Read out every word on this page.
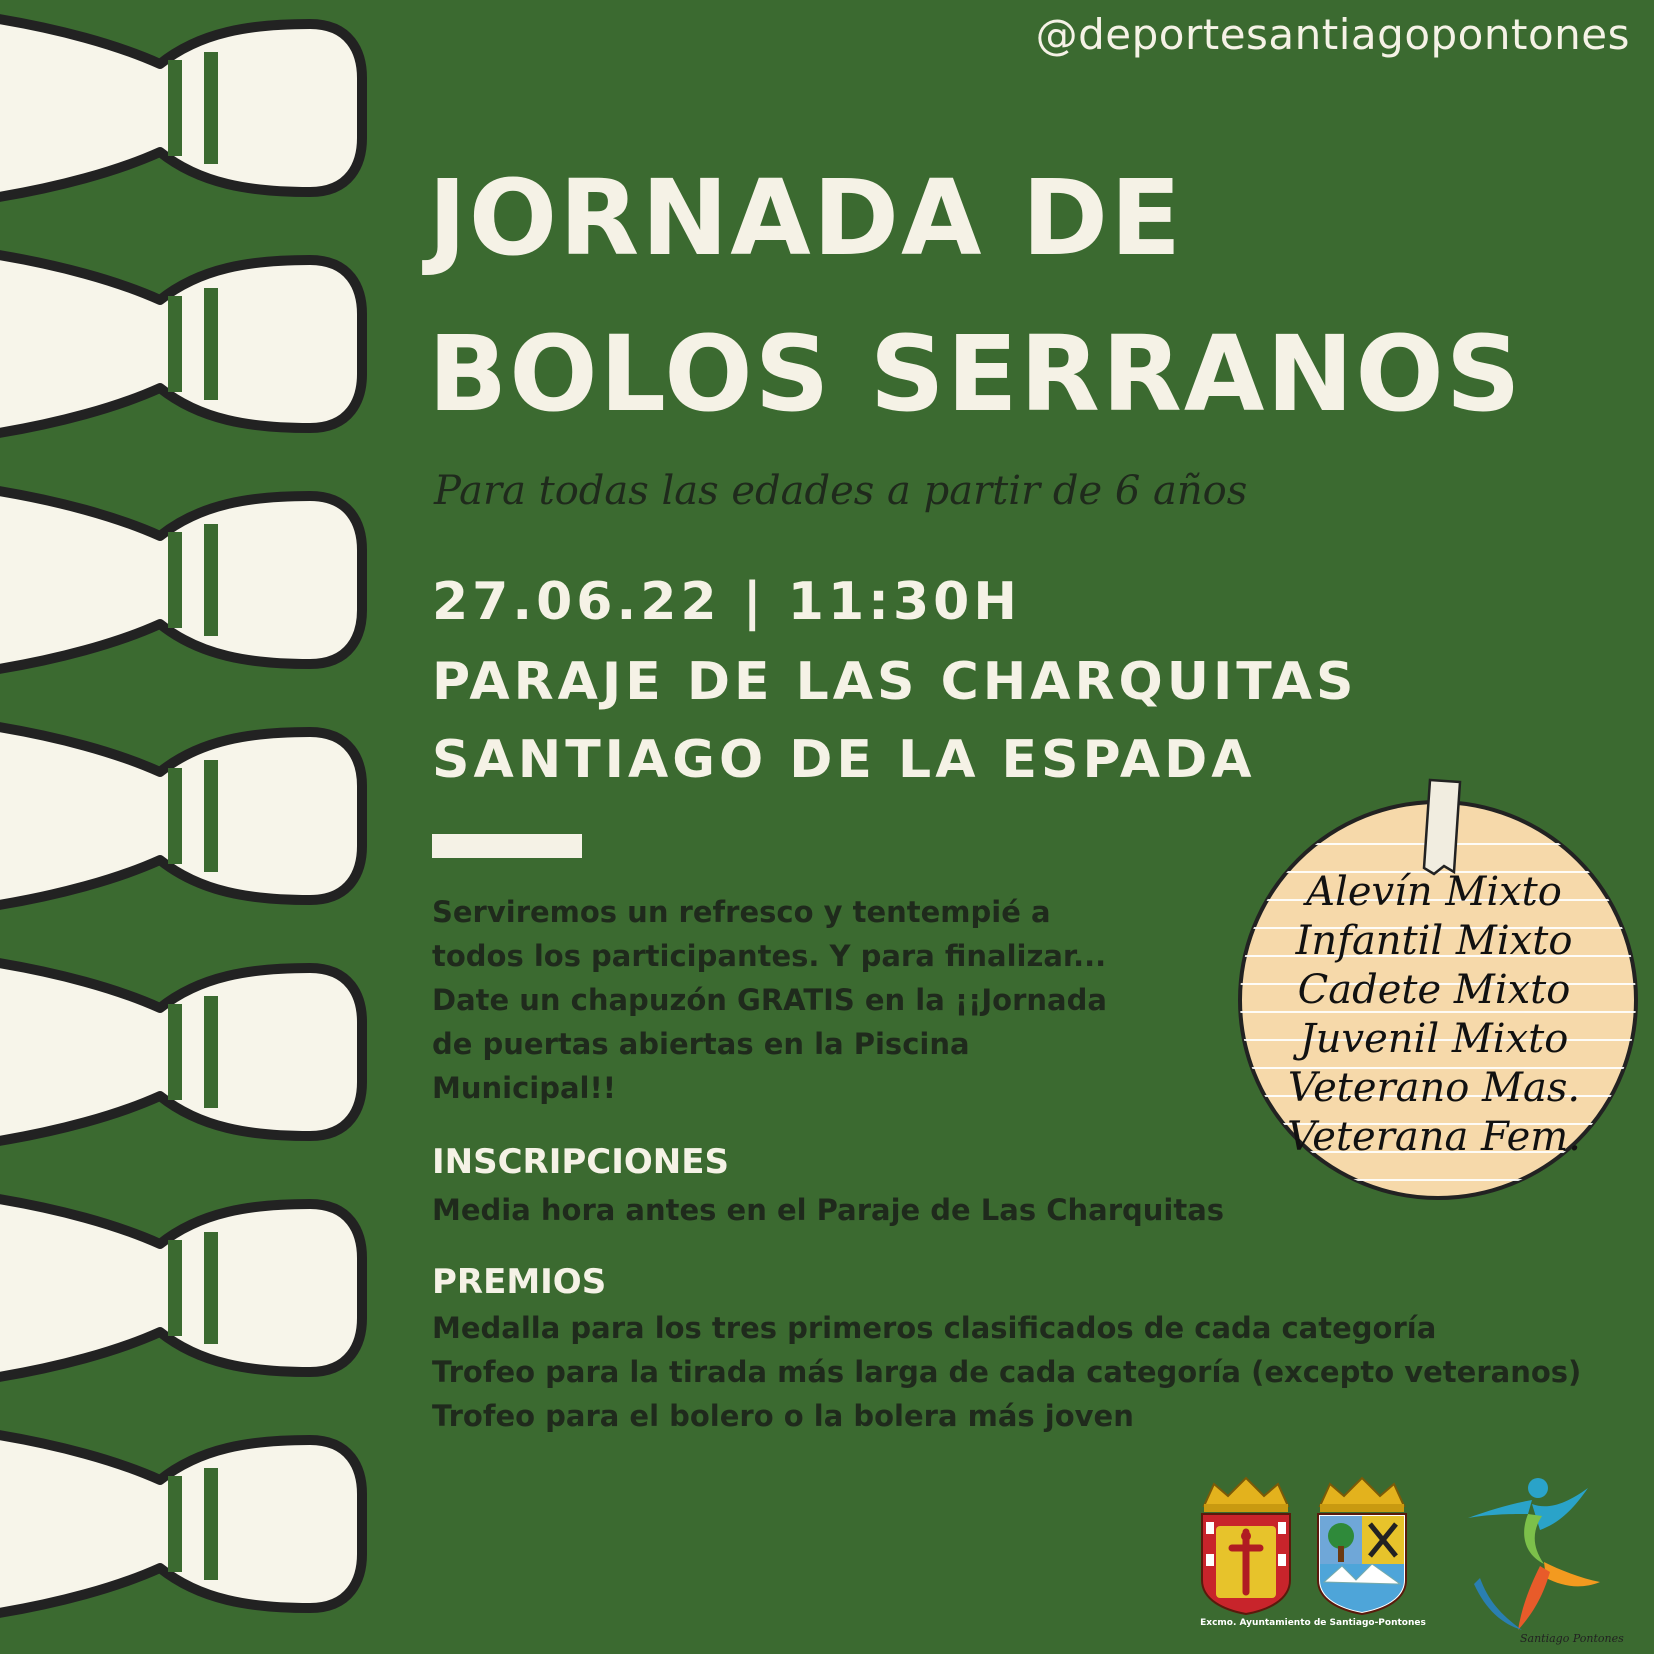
@deportesantiagopontones
JORNADA DE
BOLOS SERRANOS
Para todas las edades a partir de 6 años
27.06.22 | 11:30H
PARAJE DE LAS CHARQUITAS
SANTIAGO DE LA ESPADA
Serviremos un refresco y tentempié a
todos los participantes. Y para finalizar...
Date un chapuzón GRATIS en la ¡¡Jornada
de puertas abiertas en la Piscina
Municipal!!
INSCRIPCIONES
Media hora antes en el Paraje de Las Charquitas
PREMIOS
Medalla para los tres primeros clasificados de cada categoría
Trofeo para la tirada más larga de cada categoría (excepto veteranos)
Trofeo para el bolero o la bolera más joven
Alevín Mixto
Infantil Mixto
Cadete Mixto
Juvenil Mixto
Veterano Mas.
Veterana Fem.
Excmo. Ayuntamiento de Santiago-Pontones
Santiago Pontones
